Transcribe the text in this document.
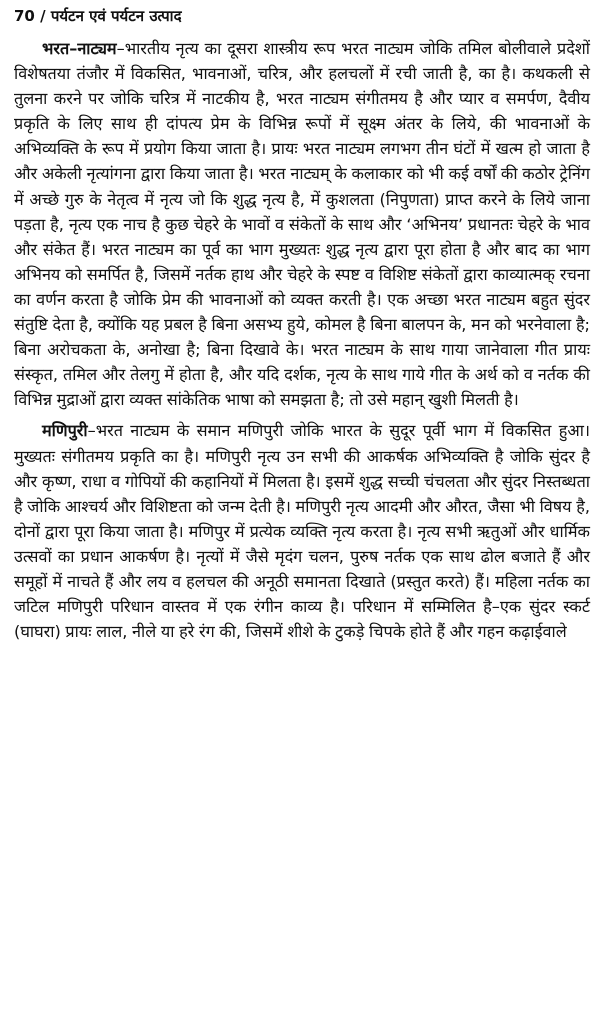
70 / पर्यटन एवं पर्यटन उत्पाद

भरत–नाट्यम–भारतीय नृत्य का दूसरा शास्त्रीय रूप भरत नाट्यम जोकि तमिल बोलीवाले प्रदेशों विशेषतया तंजौर में विकसित, भावनाओं, चरित्र, और हलचलों में रची जाती है, का है। कथकली से तुलना करने पर जोकि चरित्र में नाटकीय है, भरत नाट्यम संगीतमय है और प्यार व समर्पण, दैवीय प्रकृति के लिए साथ ही दांपत्य प्रेम के विभिन्न रूपों में सूक्ष्म अंतर के लिये, की भावनाओं के अभिव्यक्ति के रूप में प्रयोग किया जाता है। प्रायः भरत नाट्यम लगभग तीन घंटों में खत्म हो जाता है और अकेली नृत्यांगना द्वारा किया जाता है। भरत नाट्यम् के कलाकार को भी कई वर्षों की कठोर ट्रेनिंग में अच्छे गुरु के नेतृत्व में नृत्य जो कि शुद्ध नृत्य है, में कुशलता (निपुणता) प्राप्त करने के लिये जाना पड़ता है, नृत्य एक नाच है कुछ चेहरे के भावों व संकेतों के साथ और ‘अभिनय’ प्रधानतः चेहरे के भाव और संकेत हैं। भरत नाट्यम का पूर्व का भाग मुख्यतः शुद्ध नृत्य द्वारा पूरा होता है और बाद का भाग अभिनय को समर्पित है, जिसमें नर्तक हाथ और चेहरे के स्पष्ट व विशिष्ट संकेतों द्वारा काव्यात्मक् रचना का वर्णन करता है जोकि प्रेम की भावनाओं को व्यक्त करती है। एक अच्छा भरत नाट्यम बहुत सुंदर संतुष्टि देता है, क्योंकि यह प्रबल है बिना असभ्य हुये, कोमल है बिना बालपन के, मन को भरनेवाला है; बिना अरोचकता के, अनोखा है; बिना दिखावे के। भरत नाट्यम के साथ गाया जानेवाला गीत प्रायः संस्कृत, तमिल और तेलगु में होता है, और यदि दर्शक, नृत्य के साथ गाये गीत के अर्थ को व नर्तक की विभिन्न मुद्राओं द्वारा व्यक्त सांकेतिक भाषा को समझता है; तो उसे महान् खुशी मिलती है।

मणिपुरी–भरत नाट्यम के समान मणिपुरी जोकि भारत के सुदूर पूर्वी भाग में विकसित हुआ। मुख्यतः संगीतमय प्रकृति का है। मणिपुरी नृत्य उन सभी की आकर्षक अभिव्यक्ति है जोकि सुंदर है और कृष्ण, राधा व गोपियों की कहानियों में मिलता है। इसमें शुद्ध सच्ची चंचलता और सुंदर निस्तब्धता है जोकि आश्चर्य और विशिष्टता को जन्म देती है। मणिपुरी नृत्य आदमी और औरत, जैसा भी विषय है, दोनों द्वारा पूरा किया जाता है। मणिपुर में प्रत्येक व्यक्ति नृत्य करता है। नृत्य सभी ऋतुओं और धार्मिक उत्सवों का प्रधान आकर्षण है। नृत्यों में जैसे मृदंग चलन, पुरुष नर्तक एक साथ ढोल बजाते हैं और समूहों में नाचते हैं और लय व हलचल की अनूठी समानता दिखाते (प्रस्तुत करते) हैं। महिला नर्तक का जटिल मणिपुरी परिधान वास्तव में एक रंगीन काव्य है। परिधान में सम्मिलित है–एक सुंदर स्कर्ट (घाघरा) प्रायः लाल, नीले या हरे रंग की, जिसमें शीशे के टुकड़े चिपके होते हैं और गहन कढ़ाईवाले
